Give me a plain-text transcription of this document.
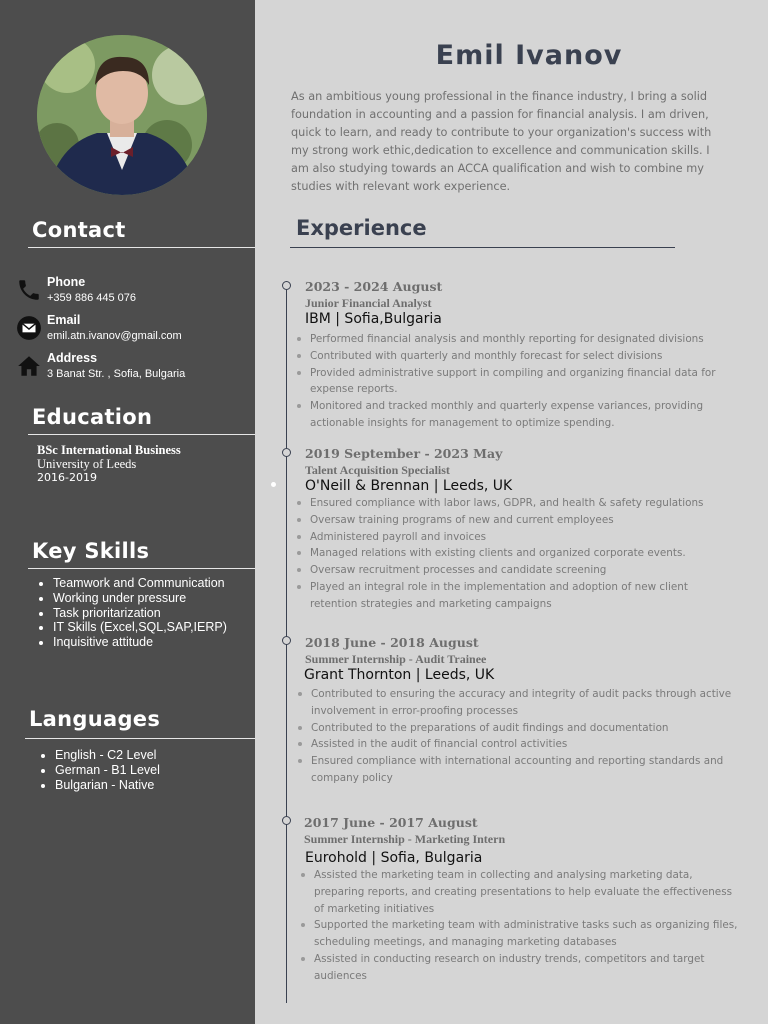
Contact
Phone
+359 886 445 076
Email
emil.atn.ivanov@gmail.com
Address
3 Banat Str. , Sofia, Bulgaria
Education
BSc International Business
University of Leeds
2016-2019
Key Skills
• Teamwork and Communication
• Working under pressure
• Task prioritarization
• IT Skills (Excel,SQL,SAP,IERP)
• Inquisitive attitude
Languages
• English - C2 Level
• German - B1 Level
• Bulgarian - Native
Emil Ivanov

As an ambitious young professional in the finance industry, I bring a solid foundation in accounting and a passion for financial analysis. I am driven, quick to learn, and ready to contribute to your organization's success with my strong work ethic,dedication to excellence and communication skills. I am also studying towards an ACCA qualification and wish to combine my studies with relevant work experience.

Experience
2023 - 2024 August
Junior Financial Analyst
IBM | Sofia,Bulgaria
Performed financial analysis and monthly reporting for designated divisions
Contributed with quarterly and monthly forecast for select divisions
Provided administrative support in compiling and organizing financial data for expense reports.
Monitored and tracked monthly and quarterly expense variances, providing actionable insights for management to optimize spending.
2019 September - 2023 May
Talent Acquisition Specialist
O'Neill & Brennan | Leeds, UK
Ensured compliance with labor laws, GDPR, and health & safety regulations
Oversaw training programs of new and current employees
Administered payroll and invoices
Managed relations with existing clients and organized corporate events.
Oversaw recruitment processes and candidate screening
Played an integral role in the implementation and adoption of new client retention strategies and marketing campaigns
2018 June - 2018 August
Summer Internship - Audit Trainee
Grant Thornton | Leeds, UK
Contributed to ensuring the accuracy and integrity of audit packs through active involvement in error-proofing processes
Contributed to the preparations of audit findings and documentation
Assisted in the audit of financial control activities
Ensured compliance with international accounting and reporting standards and company policy
2017 June - 2017 August
Summer Internship - Marketing Intern
Eurohold | Sofia, Bulgaria
Assisted the marketing team in collecting and analysing marketing data, preparing reports, and creating presentations to help evaluate the effectiveness of marketing initiatives
Supported the marketing team with administrative tasks such as organizing files, scheduling meetings, and managing marketing databases
Assisted in conducting research on industry trends, competitors and target audiences
